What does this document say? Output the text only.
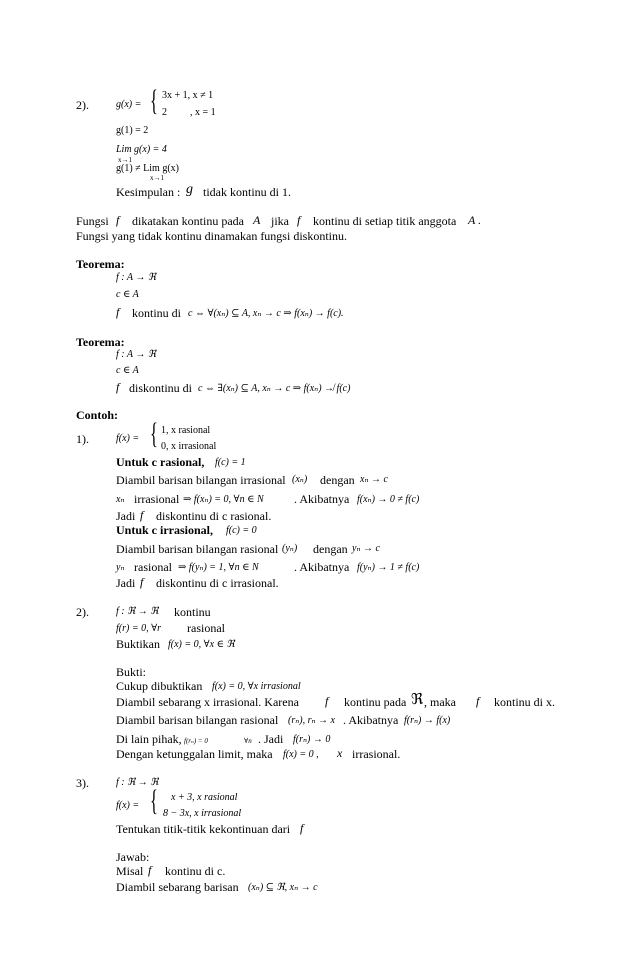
2).	g(x) = { 3x + 1, x ≠ 1
2 , x = 1
g(1) = 2
Lim g(x) = 4
x→1
g(1) ≠ Lim g(x)
x→1
Kesimpulan : g tidak kontinu di 1.
Fungsi f dikatakan kontinu pada A jika f kontinu di setiap titik anggota A .
Fungsi yang tidak kontinu dinamakan fungsi diskontinu.
Teorema:
f : A → ℜ
c ∈ A
f kontinu di c ⇔ ∀(xₙ) ⊆ A, xₙ → c ⇒ f(xₙ) → f(c).
Teorema:
f : A → ℜ
c ∈ A
f diskontinu di c ⇔ ∃(xₙ) ⊆ A, xₙ → c ⇒ f(xₙ) ↛ f(c)
Contoh:
1).	f(x) = { 1, x rasional
0, x irrasional
Untuk c rasional, f(c) = 1
Diambil barisan bilangan irrasional (xₙ) dengan xₙ → c
xₙ irrasional ⇒ f(xₙ) = 0, ∀n ∈ N	. Akibatnya f(xₙ) → 0 ≠ f(c)
Jadi f diskontinu di c rasional.
Untuk c irrasional, f(c) = 0
Diambil barisan bilangan rasional (yₙ) dengan yₙ → c
yₙ rasional ⇒ f(yₙ) = 1, ∀n ∈ N	. Akibatnya f(yₙ) → 1 ≠ f(c)
Jadi f diskontinu di c irrasional.
2).	f : ℜ → ℜ kontinu
f(r) = 0, ∀r rasional
Buktikan f(x) = 0, ∀x ∈ ℜ
Bukti:
Cukup dibuktikan f(x) = 0, ∀x irrasional
Diambil sebarang x irrasional. Karena f kontinu pada ℜ , maka f kontinu di x.
Diambil barisan bilangan rasional (rₙ), rₙ → x . Akibatnya f(rₙ) → f(x)
Di lain pihak, f(rₙ) = 0	∀n . Jadi f(rₙ) → 0
Dengan ketunggalan limit, maka f(x) = 0 , x irrasional.
3).	f : ℜ → ℜ
f(x) = { x + 3, x rasional
8 − 3x, x irrasional
Tentukan titik-titik kekontinuan dari f
Jawab:
Misal f kontinu di c.
Diambil sebarang barisan (xₙ) ⊆ ℜ, xₙ → c
